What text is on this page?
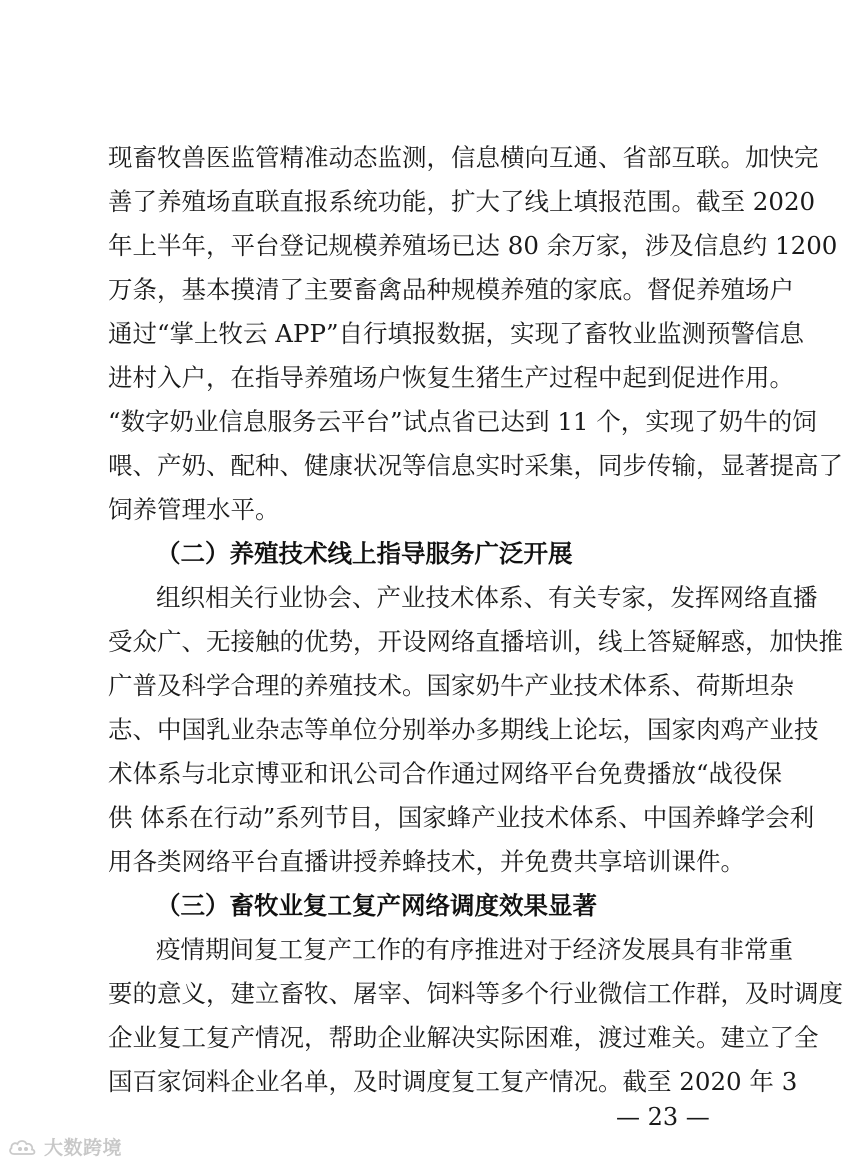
现畜牧兽医监管精准动态监测，信息横向互通、省部互联。加快完
善了养殖场直联直报系统功能，扩大了线上填报范围。截至 2020
年上半年，平台登记规模养殖场已达 80 余万家，涉及信息约 1200
万条，基本摸清了主要畜禽品种规模养殖的家底。督促养殖场户
通过“掌上牧云 APP”自行填报数据，实现了畜牧业监测预警信息
进村入户，在指导养殖场户恢复生猪生产过程中起到促进作用。
“数字奶业信息服务云平台”试点省已达到 11 个，实现了奶牛的饲
喂、产奶、配种、健康状况等信息实时采集，同步传输，显著提高了
饲养管理水平。
（二）养殖技术线上指导服务广泛开展
组织相关行业协会、产业技术体系、有关专家，发挥网络直播
受众广、无接触的优势，开设网络直播培训，线上答疑解惑，加快推
广普及科学合理的养殖技术。国家奶牛产业技术体系、荷斯坦杂
志、中国乳业杂志等单位分别举办多期线上论坛，国家肉鸡产业技
术体系与北京博亚和讯公司合作通过网络平台免费播放“战役保
供 体系在行动”系列节目，国家蜂产业技术体系、中国养蜂学会利
用各类网络平台直播讲授养蜂技术，并免费共享培训课件。
（三）畜牧业复工复产网络调度效果显著
疫情期间复工复产工作的有序推进对于经济发展具有非常重
要的意义，建立畜牧、屠宰、饲料等多个行业微信工作群，及时调度
企业复工复产情况，帮助企业解决实际困难，渡过难关。建立了全
国百家饲料企业名单，及时调度复工复产情况。截至 2020 年 3
— 23 —
大数跨境
